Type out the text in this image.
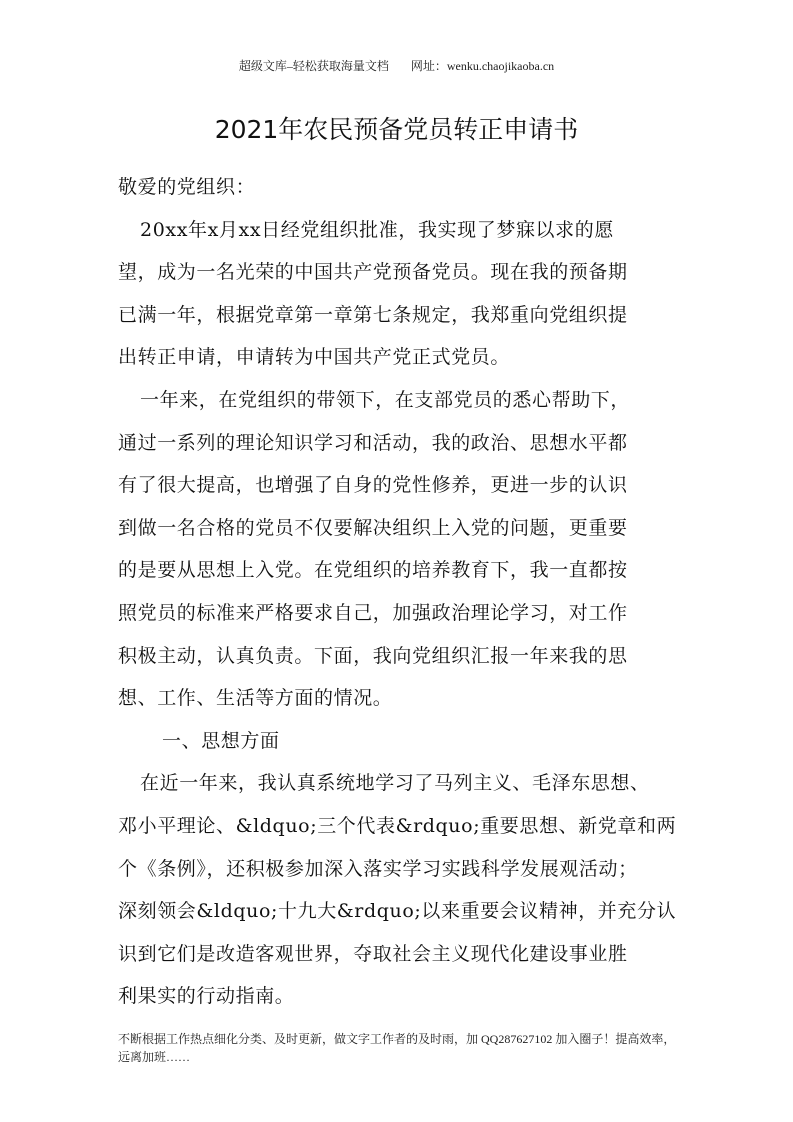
超级文库–轻松获取海量文档 网址：wenku.chaojikaoba.cn
2021年农民预备党员转正申请书
敬爱的党组织：
20xx年x月xx日经党组织批准，我实现了梦寐以求的愿
望，成为一名光荣的中国共产党预备党员。现在我的预备期
已满一年，根据党章第一章第七条规定，我郑重向党组织提
出转正申请，申请转为中国共产党正式党员。
一年来，在党组织的带领下，在支部党员的悉心帮助下，
通过一系列的理论知识学习和活动，我的政治、思想水平都
有了很大提高，也增强了自身的党性修养，更进一步的认识
到做一名合格的党员不仅要解决组织上入党的问题，更重要
的是要从思想上入党。在党组织的培养教育下，我一直都按
照党员的标准来严格要求自己，加强政治理论学习，对工作
积极主动，认真负责。下面，我向党组织汇报一年来我的思
想、工作、生活等方面的情况。
一、思想方面
在近一年来，我认真系统地学习了马列主义、毛泽东思想、
邓小平理论、&ldquo;三个代表&rdquo;重要思想、新党章和两
个《条例》，还积极参加深入落实学习实践科学发展观活动；
深刻领会&ldquo;十九大&rdquo;以来重要会议精神，并充分认
识到它们是改造客观世界，夺取社会主义现代化建设事业胜
利果实的行动指南。
不断根据工作热点细化分类、及时更新，做文字工作者的及时雨，加 QQ287627102 加入圈子！提高效率，
远离加班……
